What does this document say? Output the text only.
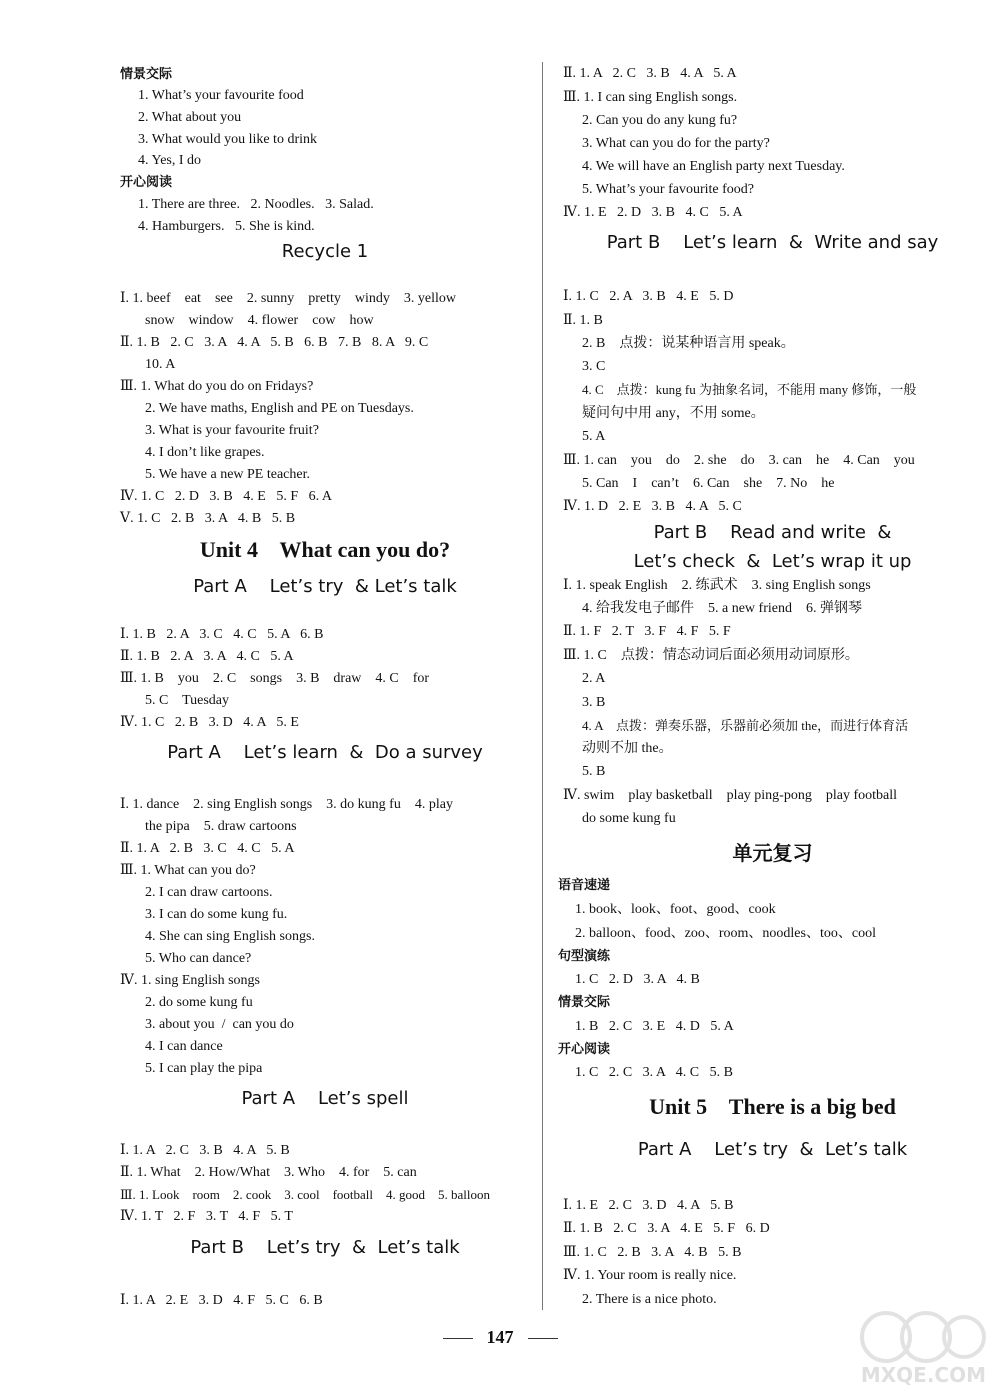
情景交际
1. What’s your favourite food
2. What about you
3. What would you like to drink
4. Yes, I do
开心阅读
1. There are three.   2. Noodles.   3. Salad.
4. Hamburgers.   5. She is kind.
Recycle 1
Ⅰ. 1. beef    eat    see    2. sunny    pretty    windy    3. yellow
snow    window    4. flower    cow    how
Ⅱ. 1. B   2. C   3. A   4. A   5. B   6. B   7. B   8. A   9. C
10. A
Ⅲ. 1. What do you do on Fridays?
2. We have maths, English and PE on Tuesdays.
3. What is your favourite fruit?
4. I don’t like grapes.
5. We have a new PE teacher.
Ⅳ. 1. C   2. D   3. B   4. E   5. F   6. A
Ⅴ. 1. C   2. B   3. A   4. B   5. B
Unit 4    What can you do?
Part A    Let’s try  & Let’s talk
Ⅰ. 1. B   2. A   3. C   4. C   5. A   6. B
Ⅱ. 1. B   2. A   3. A   4. C   5. A
Ⅲ. 1. B    you    2. C    songs    3. B    draw    4. C    for
5. C    Tuesday
Ⅳ. 1. C   2. B   3. D   4. A   5. E
Part A    Let’s learn  &  Do a survey
Ⅰ. 1. dance    2. sing English songs    3. do kung fu    4. play
the pipa    5. draw cartoons
Ⅱ. 1. A   2. B   3. C   4. C   5. A
Ⅲ. 1. What can you do?
2. I can draw cartoons.
3. I can do some kung fu.
4. She can sing English songs.
5. Who can dance?
Ⅳ. 1. sing English songs
2. do some kung fu
3. about you  /  can you do
4. I can dance
5. I can play the pipa
Part A    Let’s spell
Ⅰ. 1. A   2. C   3. B   4. A   5. B
Ⅱ. 1. What    2. How/What    3. Who    4. for    5. can
Ⅲ. 1. Look    room    2. cook    3. cool    football    4. good    5. balloon
Ⅳ. 1. T   2. F   3. T   4. F   5. T
Part B    Let’s try  &  Let’s talk
Ⅰ. 1. A   2. E   3. D   4. F   5. C   6. B
Ⅱ. 1. A   2. C   3. B   4. A   5. A
Ⅲ. 1. I can sing English songs.
2. Can you do any kung fu?
3. What can you do for the party?
4. We will have an English party next Tuesday.
5. What’s your favourite food?
Ⅳ. 1. E   2. D   3. B   4. C   5. A
Part B    Let’s learn  &  Write and say
Ⅰ. 1. C   2. A   3. B   4. E   5. D
Ⅱ. 1. B
2. B    点拨：说某种语言用 speak。
3. C
4. C    点拨：kung fu 为抽象名词，不能用 many 修饰，一般
疑问句中用 any，不用 some。
5. A
Ⅲ. 1. can    you    do    2. she    do    3. can    he    4. Can    you
5. Can    I    can’t    6. Can    she    7. No    he
Ⅳ. 1. D   2. E   3. B   4. A   5. C
Part B    Read and write  &
Let’s check  &  Let’s wrap it up
Ⅰ. 1. speak English    2. 练武术    3. sing English songs
4. 给我发电子邮件    5. a new friend    6. 弹钢琴
Ⅱ. 1. F   2. T   3. F   4. F   5. F
Ⅲ. 1. C    点拨：情态动词后面必须用动词原形。
2. A
3. B
4. A    点拨：弹奏乐器，乐器前必须加 the，而进行体育活
动则不加 the。
5. B
Ⅳ. swim    play basketball    play ping-pong    play football
do some kung fu
单元复习
语音速递
1. book、look、foot、good、cook
2. balloon、food、zoo、room、noodles、too、cool
句型演练
1. C   2. D   3. A   4. B
情景交际
1. B   2. C   3. E   4. D   5. A
开心阅读
1. C   2. C   3. A   4. C   5. B
Unit 5    There is a big bed
Part A    Let’s try  &  Let’s talk
Ⅰ. 1. E   2. C   3. D   4. A   5. B
Ⅱ. 1. B   2. C   3. A   4. E   5. F   6. D
Ⅲ. 1. C   2. B   3. A   4. B   5. B
Ⅳ. 1. Your room is really nice.
2. There is a nice photo.
147
MXQE.COM
